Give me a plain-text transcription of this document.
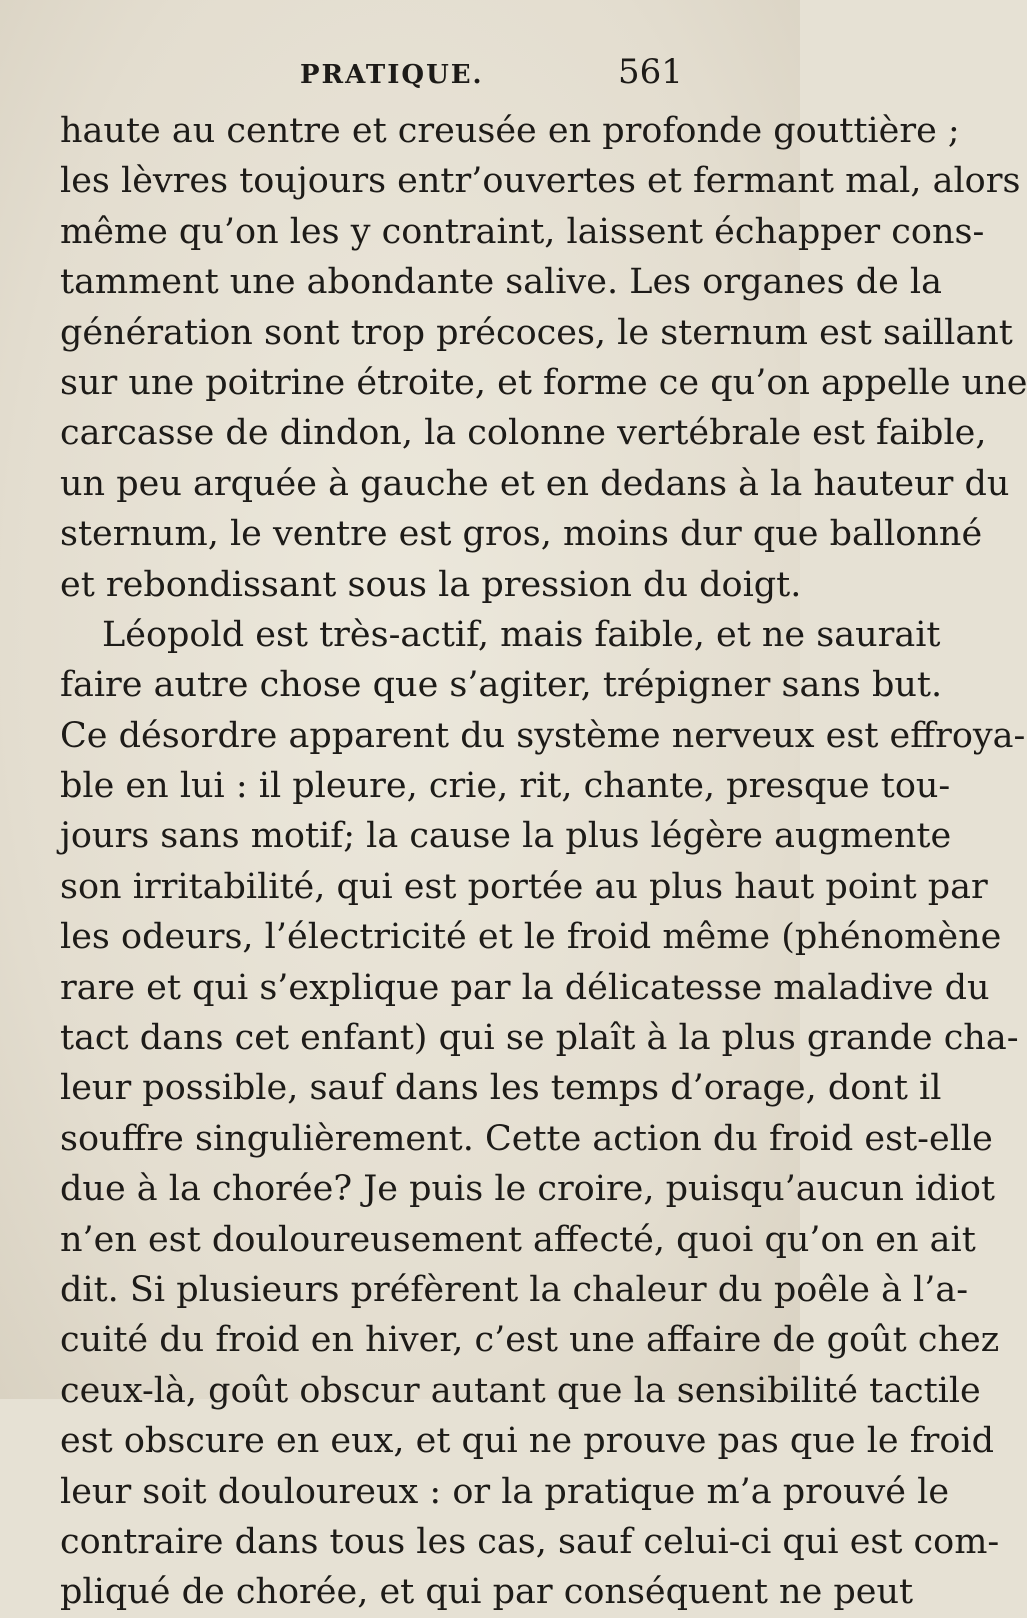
PRATIQUE.	561
haute au centre et creusée en profonde gouttière ;
les lèvres toujours entr’ouvertes et fermant mal, alors
même qu’on les y contraint, laissent échapper cons-
tamment une abondante salive. Les organes de la
génération sont trop précoces, le sternum est saillant
sur une poitrine étroite, et forme ce qu’on appelle une
carcasse de dindon, la colonne vertébrale est faible,
un peu arquée à gauche et en dedans à la hauteur du
sternum, le ventre est gros, moins dur que ballonné
et rebondissant sous la pression du doigt.
Léopold est très-actif, mais faible, et ne saurait
faire autre chose que s’agiter, trépigner sans but.
Ce désordre apparent du système nerveux est effroya-
ble en lui : il pleure, crie, rit, chante, presque tou-
jours sans motif; la cause la plus légère augmente
son irritabilité, qui est portée au plus haut point par
les odeurs, l’électricité et le froid même (phénomène
rare et qui s’explique par la délicatesse maladive du
tact dans cet enfant) qui se plaît à la plus grande cha-
leur possible, sauf dans les temps d’orage, dont il
souffre singulièrement. Cette action du froid est-elle
due à la chorée? Je puis le croire, puisqu’aucun idiot
n’en est douloureusement affecté, quoi qu’on en ait
dit. Si plusieurs préfèrent la chaleur du poêle à l’a-
cuité du froid en hiver, c’est une affaire de goût chez
ceux-là, goût obscur autant que la sensibilité tactile
est obscure en eux, et qui ne prouve pas que le froid
leur soit douloureux : or la pratique m’a prouvé le
contraire dans tous les cas, sauf celui-ci qui est com-
pliqué de chorée, et qui par conséquent ne peut
